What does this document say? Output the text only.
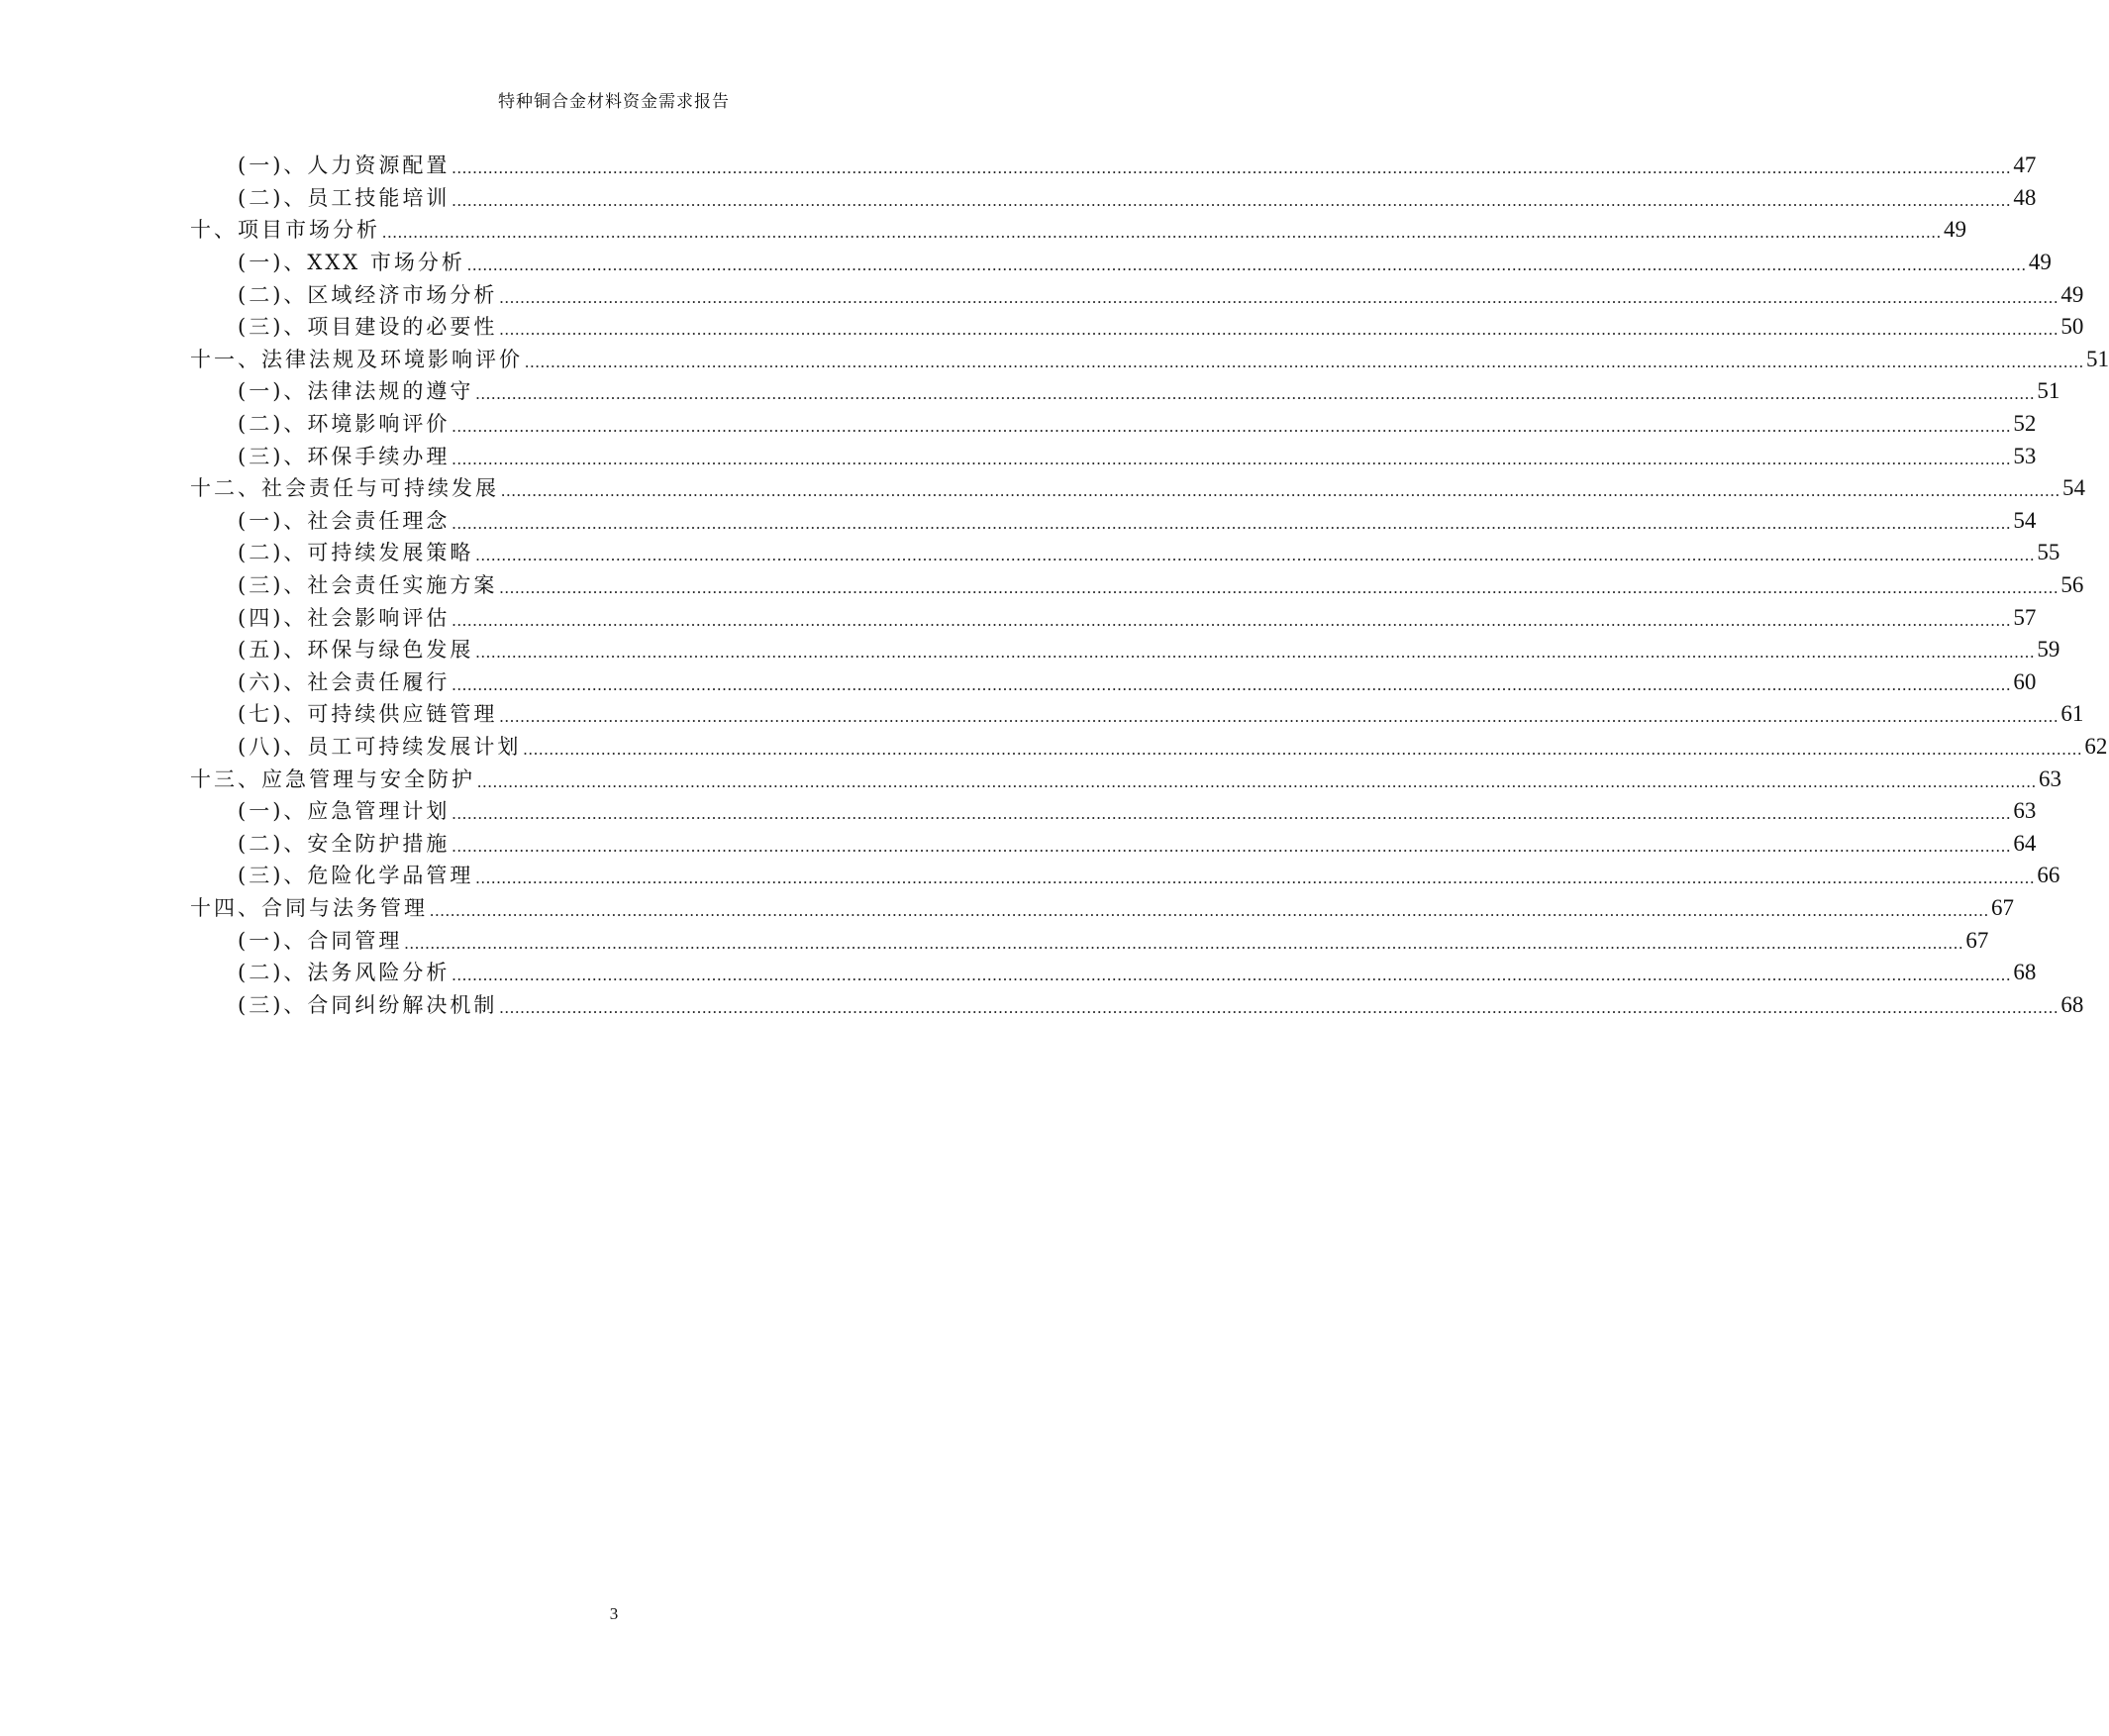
特种铜合金材料资金需求报告
(一)、人力资源配置 ............................................................................................................................................................................................................................................................................................................ 47
(二)、员工技能培训 ............................................................................................................................................................................................................................................................................................................ 48
十、项目市场分析 ............................................................................................................................................................................................................................................................................................................ 49
(一)、XXX 市场分析 ............................................................................................................................................................................................................................................................................................................ 49
(二)、区域经济市场分析 ............................................................................................................................................................................................................................................................................................................ 49
(三)、项目建设的必要性 ............................................................................................................................................................................................................................................................................................................ 50
十一、法律法规及环境影响评价 ............................................................................................................................................................................................................................................................................................................ 51
(一)、法律法规的遵守 ............................................................................................................................................................................................................................................................................................................ 51
(二)、环境影响评价 ............................................................................................................................................................................................................................................................................................................ 52
(三)、环保手续办理 ............................................................................................................................................................................................................................................................................................................ 53
十二、社会责任与可持续发展 ............................................................................................................................................................................................................................................................................................................ 54
(一)、社会责任理念 ............................................................................................................................................................................................................................................................................................................ 54
(二)、可持续发展策略 ............................................................................................................................................................................................................................................................................................................ 55
(三)、社会责任实施方案 ............................................................................................................................................................................................................................................................................................................ 56
(四)、社会影响评估 ............................................................................................................................................................................................................................................................................................................ 57
(五)、环保与绿色发展 ............................................................................................................................................................................................................................................................................................................ 59
(六)、社会责任履行 ............................................................................................................................................................................................................................................................................................................ 60
(七)、可持续供应链管理 ............................................................................................................................................................................................................................................................................................................ 61
(八)、员工可持续发展计划 ............................................................................................................................................................................................................................................................................................................ 62
十三、应急管理与安全防护 ............................................................................................................................................................................................................................................................................................................ 63
(一)、应急管理计划 ............................................................................................................................................................................................................................................................................................................ 63
(二)、安全防护措施 ............................................................................................................................................................................................................................................................................................................ 64
(三)、危险化学品管理 ............................................................................................................................................................................................................................................................................................................ 66
十四、合同与法务管理 ............................................................................................................................................................................................................................................................................................................ 67
(一)、合同管理 ............................................................................................................................................................................................................................................................................................................ 67
(二)、法务风险分析 ............................................................................................................................................................................................................................................................................................................ 68
(三)、合同纠纷解决机制 ............................................................................................................................................................................................................................................................................................................ 68
3
